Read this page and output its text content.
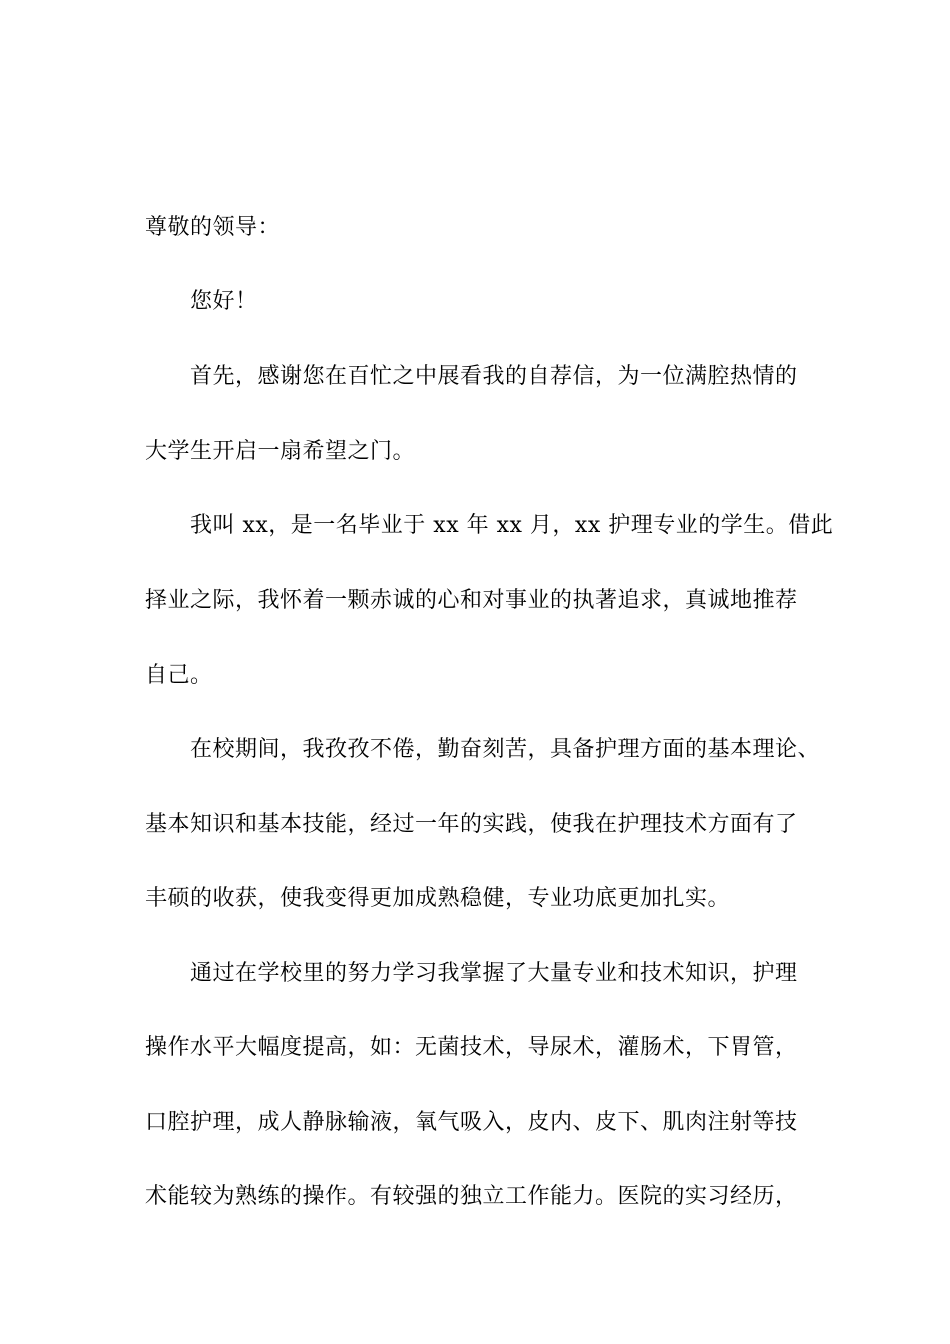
尊敬的领导：
您好！
首先，感谢您在百忙之中展看我的自荐信，为一位满腔热情的
大学生开启一扇希望之门。
我叫 xx，是一名毕业于 xx 年 xx 月，xx 护理专业的学生。借此
择业之际，我怀着一颗赤诚的心和对事业的执著追求，真诚地推荐
自己。
在校期间，我孜孜不倦，勤奋刻苦，具备护理方面的基本理论、
基本知识和基本技能，经过一年的实践，使我在护理技术方面有了
丰硕的收获，使我变得更加成熟稳健，专业功底更加扎实。
通过在学校里的努力学习我掌握了大量专业和技术知识，护理
操作水平大幅度提高，如：无菌技术，导尿术，灌肠术，下胃管，
口腔护理，成人静脉输液，氧气吸入，皮内、皮下、肌肉注射等技
术能较为熟练的操作。有较强的独立工作能力。医院的实习经历，
